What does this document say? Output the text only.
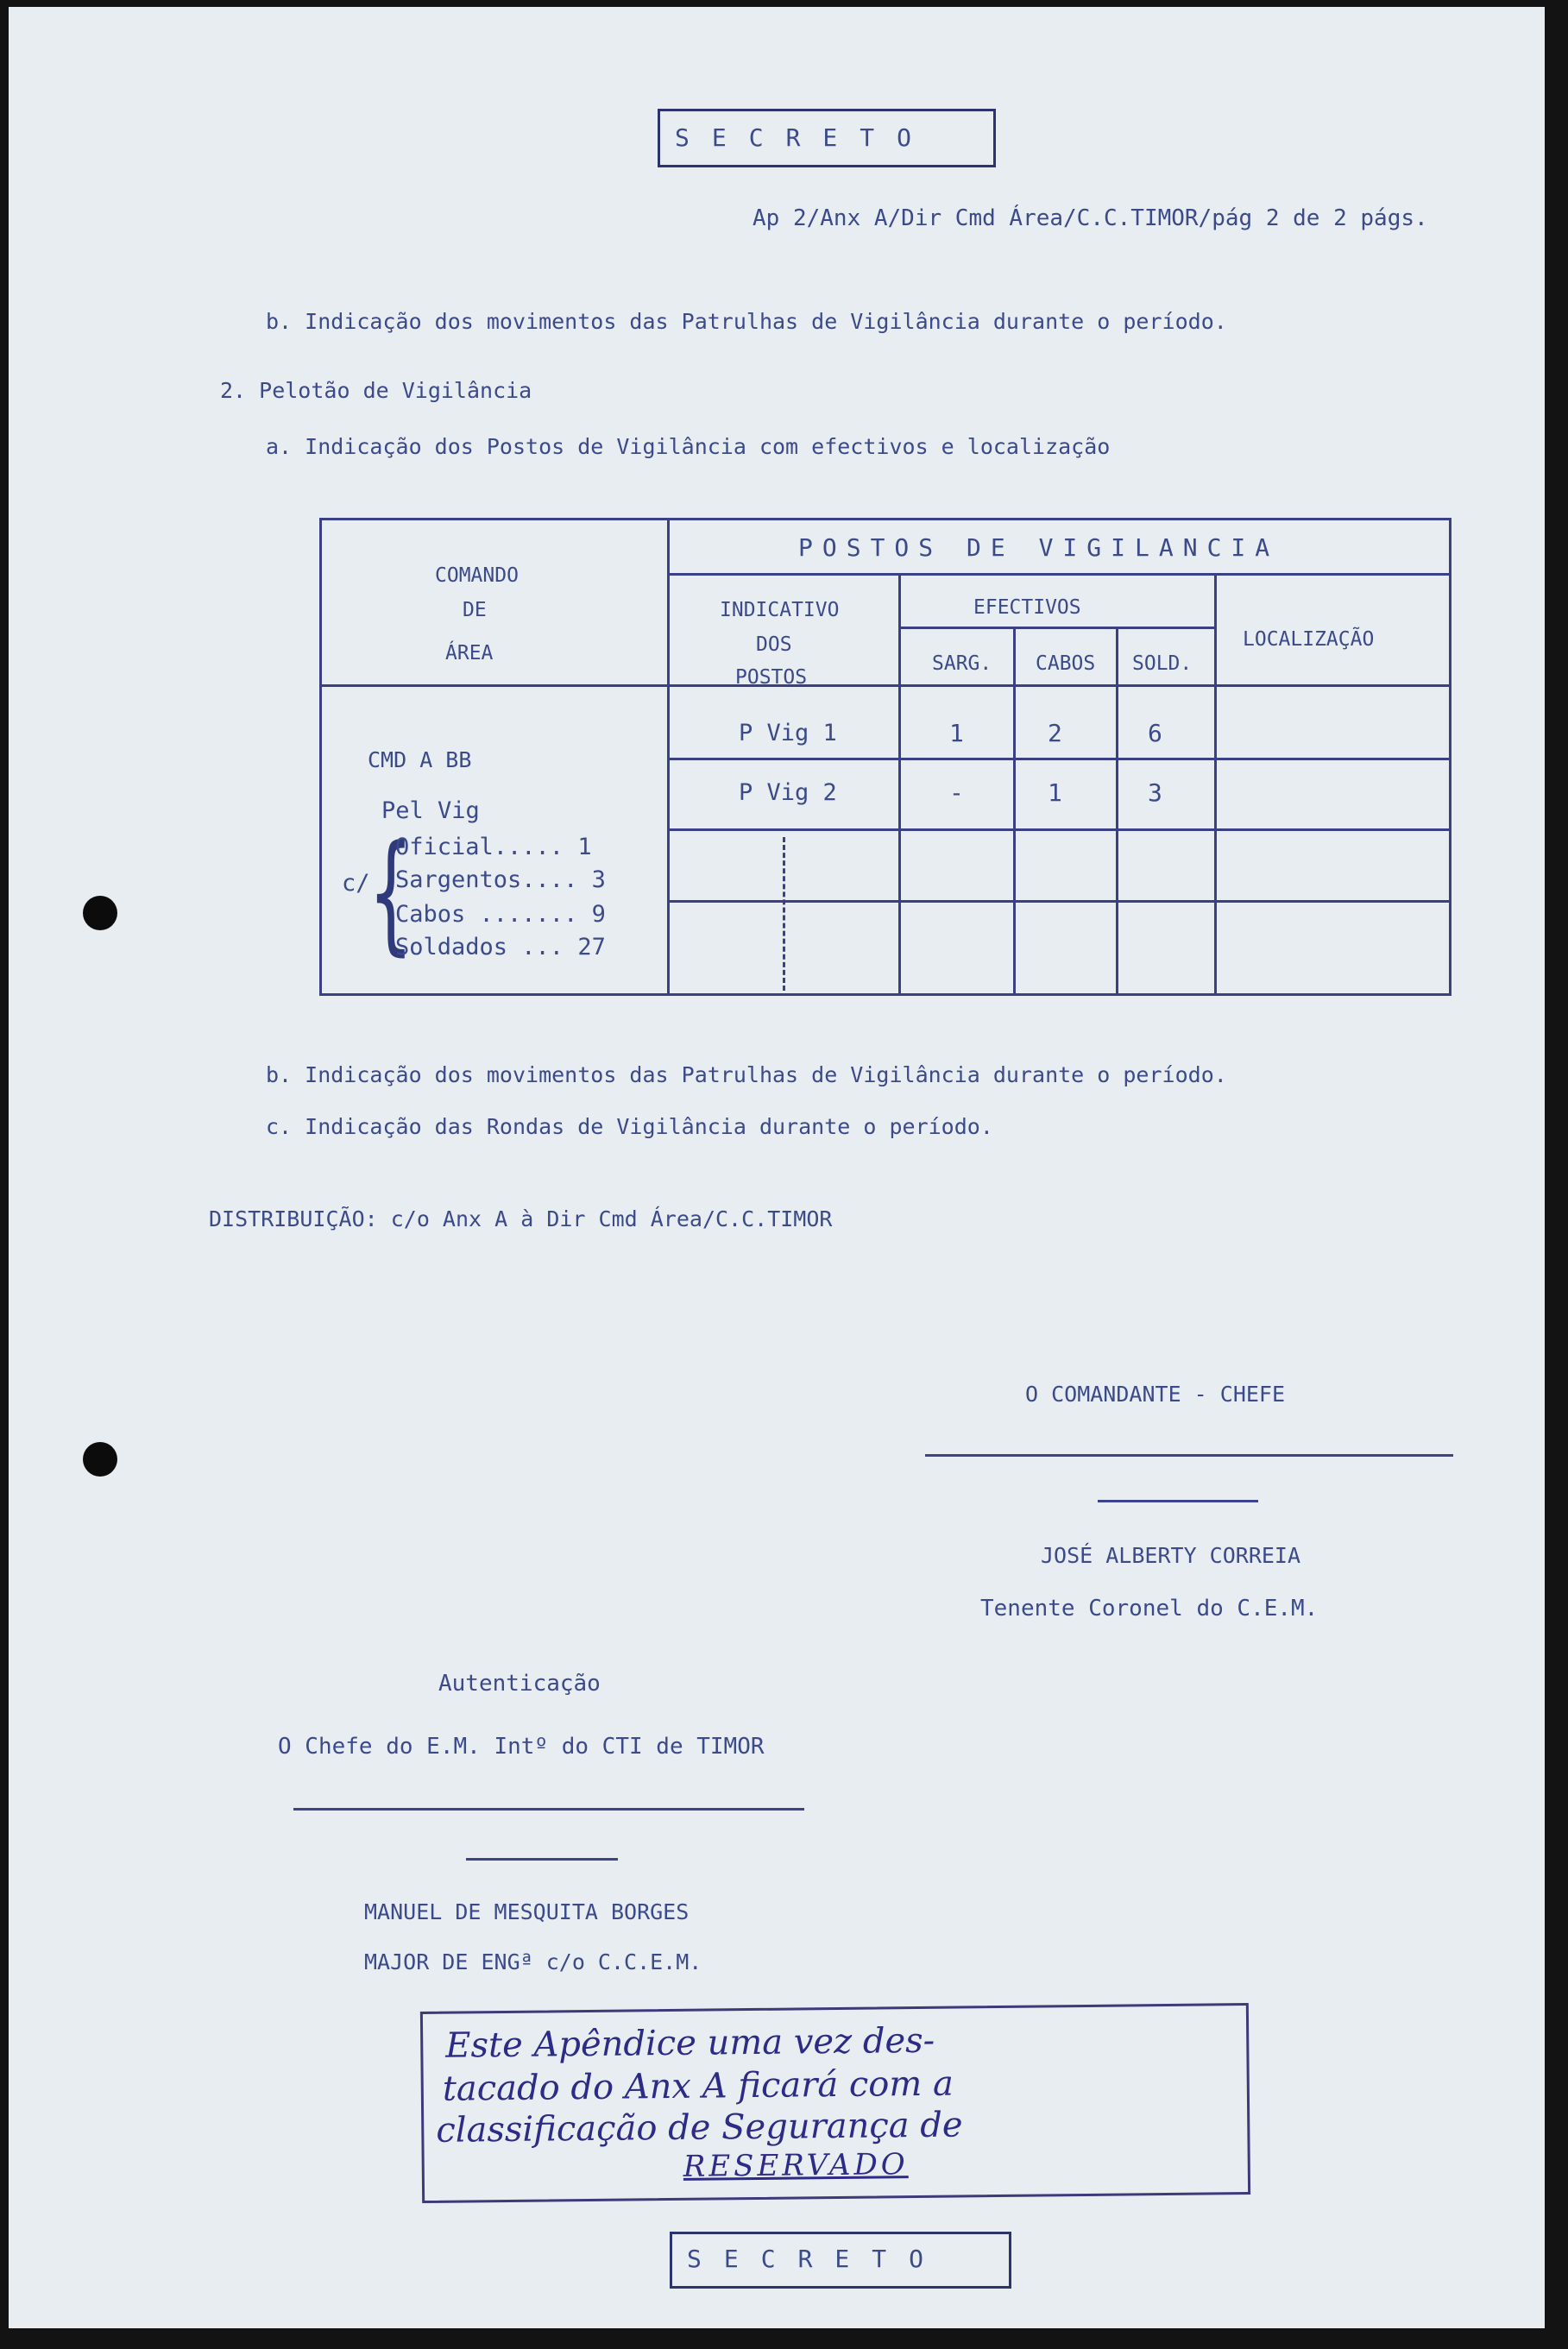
SECRETO
Ap 2/Anx A/Dir Cmd Área/C.C.TIMOR/pág 2 de 2 págs.
b. Indicação dos movimentos das Patrulhas de Vigilância durante o período.
2. Pelotão de Vigilância
a. Indicação dos Postos de Vigilância com efectivos e localização
COMANDO
DE
ÁREA
POSTOS DE VIGILANCIA
INDICATIVO
DOS
POSTOS
EFECTIVOS
SARG. CABOS SOLD.
LOCALIZAÇÃO
CMD A BB
Pel Vig
c/ {
Oficial..... 1
Sargentos.... 3
Cabos ....... 9
Soldados ... 27
P Vig 1	1	2	6
P Vig 2	-	1	3
b. Indicação dos movimentos das Patrulhas de Vigilância durante o período.
c. Indicação das Rondas de Vigilância durante o período.
DISTRIBUIÇÃO: c/o Anx A à Dir Cmd Área/C.C.TIMOR
O COMANDANTE - CHEFE
JOSÉ ALBERTY CORREIA
Tenente Coronel do C.E.M.
Autenticação
O Chefe do E.M. Intº do CTI de TIMOR
MANUEL DE MESQUITA BORGES
MAJOR DE ENGª c/o C.C.E.M.
Este Apêndice uma vez des-
tacado do Anx A ficará com a
classificação de Segurança de
RESERVADO
SECRETO
